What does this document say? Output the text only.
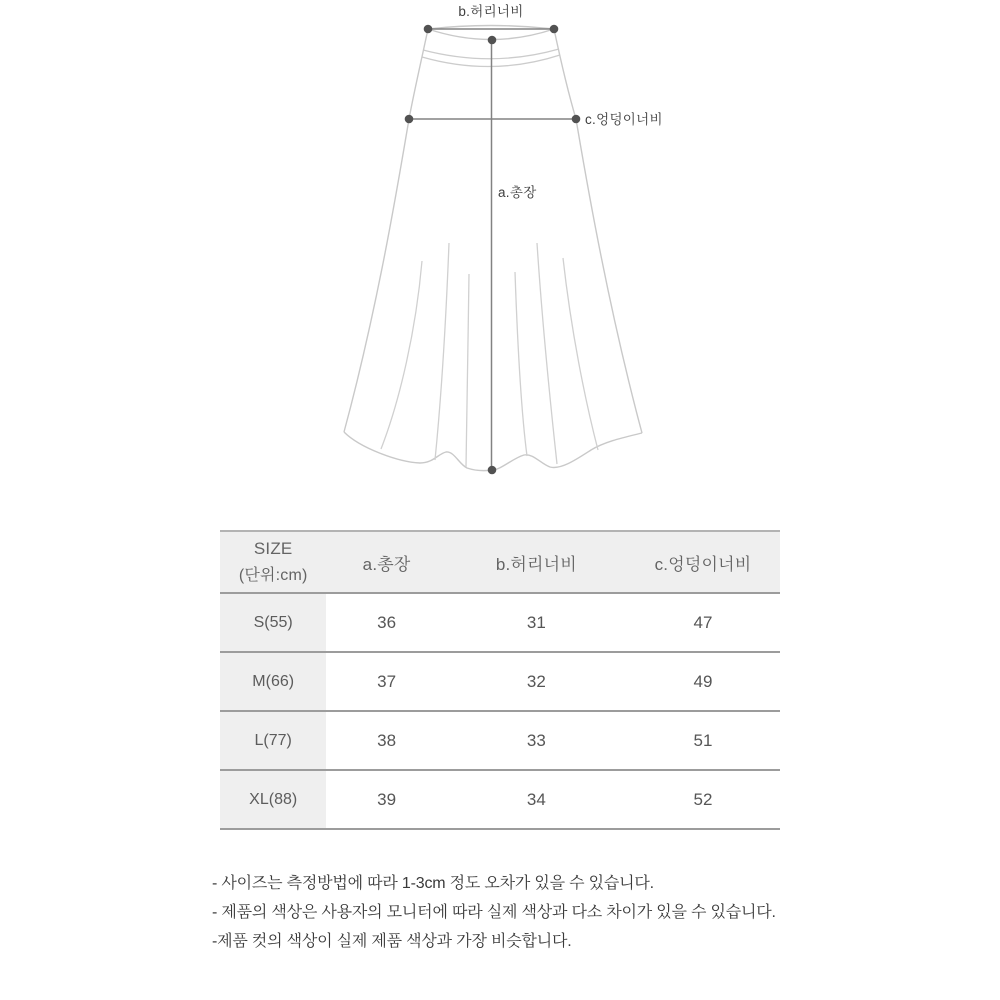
b.허리너비
c.엉덩이너비
a.총장
SIZE
(단위:cm)	a.총장	b.허리너비	c.엉덩이너비
S(55)	36	31	47
M(66)	37	32	49
L(77)	38	33	51
XL(88)	39	34	52

- 사이즈는 측정방법에 따라 1-3cm 정도 오차가 있을 수 있습니다.

- 제품의 색상은 사용자의 모니터에 따라 실제 색상과 다소 차이가 있을 수 있습니다.

-제품 컷의 색상이 실제 제품 색상과 가장 비슷합니다.
